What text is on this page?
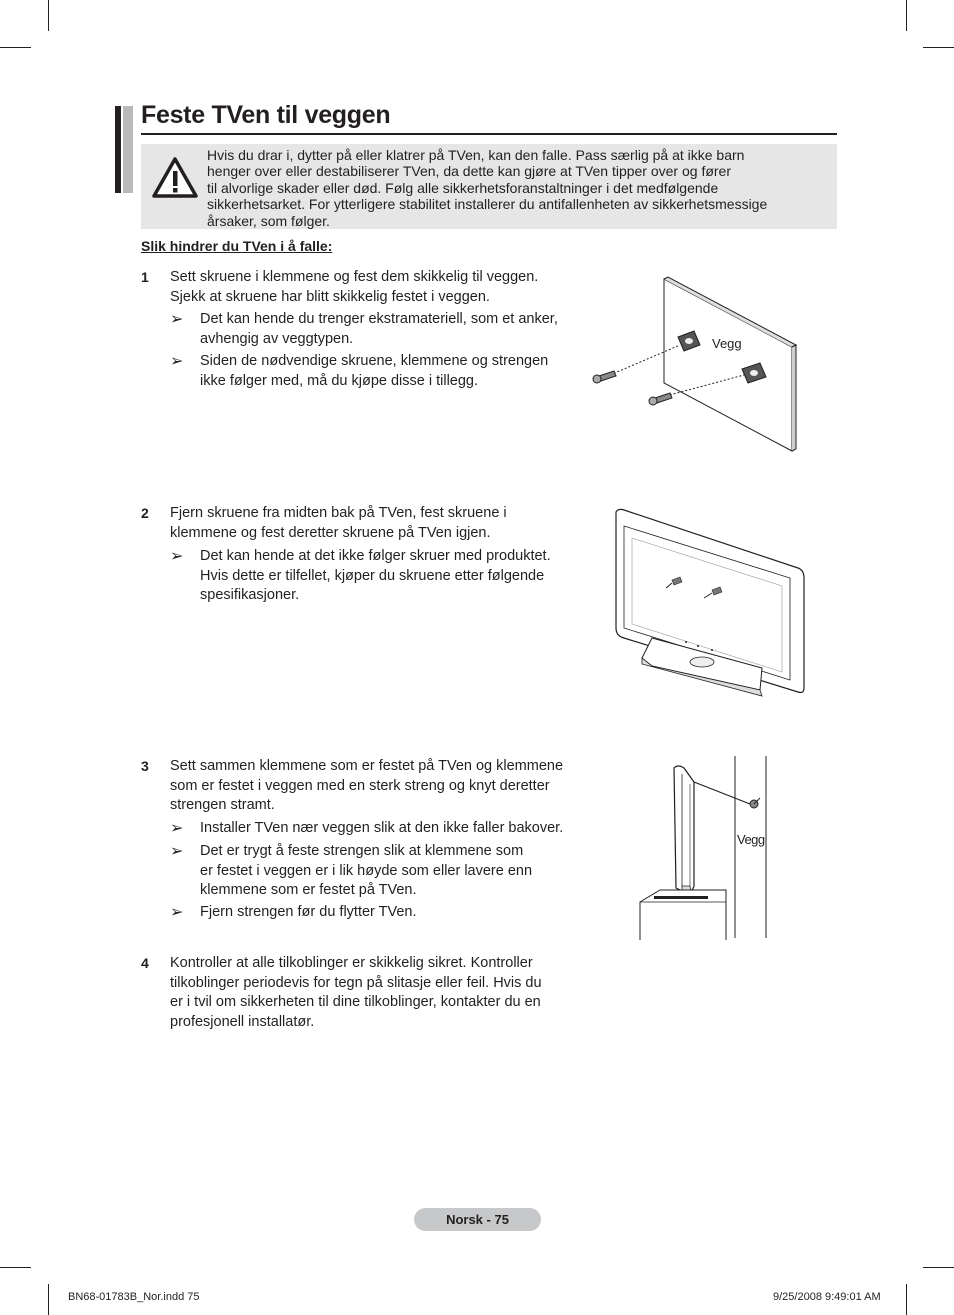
Feste TVen til veggen
Hvis du drar i, dytter på eller klatrer på TVen, kan den falle. Pass særlig på at ikke barn
henger over eller destabiliserer TVen, da dette kan gjøre at TVen tipper over og fører
til alvorlige skader eller død. Følg alle sikkerhetsforanstaltninger i det medfølgende
sikkerhetsarket. For ytterligere stabilitet installerer du antifallenheten av sikkerhetsmessige
årsaker, som følger.
Slik hindrer du TVen i å falle:
1 Sett skruene i klemmene og fest dem skikkelig til veggen.
Sjekk at skruene har blitt skikkelig festet i veggen.
➢ Det kan hende du trenger ekstramateriell, som et anker,
avhengig av veggtypen.
➢ Siden de nødvendige skruene, klemmene og strengen
ikke følger med, må du kjøpe disse i tillegg.
Vegg
2 Fjern skruene fra midten bak på TVen, fest skruene i
klemmene og fest deretter skruene på TVen igjen.
➢ Det kan hende at det ikke følger skruer med produktet.
Hvis dette er tilfellet, kjøper du skruene etter følgende
spesifikasjoner.
3 Sett sammen klemmene som er festet på TVen og klemmene
som er festet i veggen med en sterk streng og knyt deretter
strengen stramt.
➢ Installer TVen nær veggen slik at den ikke faller bakover.
➢ Det er trygt å feste strengen slik at klemmene som
er festet i veggen er i lik høyde som eller lavere enn
klemmene som er festet på TVen.
➢ Fjern strengen før du flytter TVen.
Vegg
4 Kontroller at alle tilkoblinger er skikkelig sikret. Kontroller
tilkoblinger periodevis for tegn på slitasje eller feil. Hvis du
er i tvil om sikkerheten til dine tilkoblinger, kontakter du en
profesjonell installatør.
Norsk - 75
BN68-01783B_Nor.indd 75	9/25/2008 9:49:01 AM
